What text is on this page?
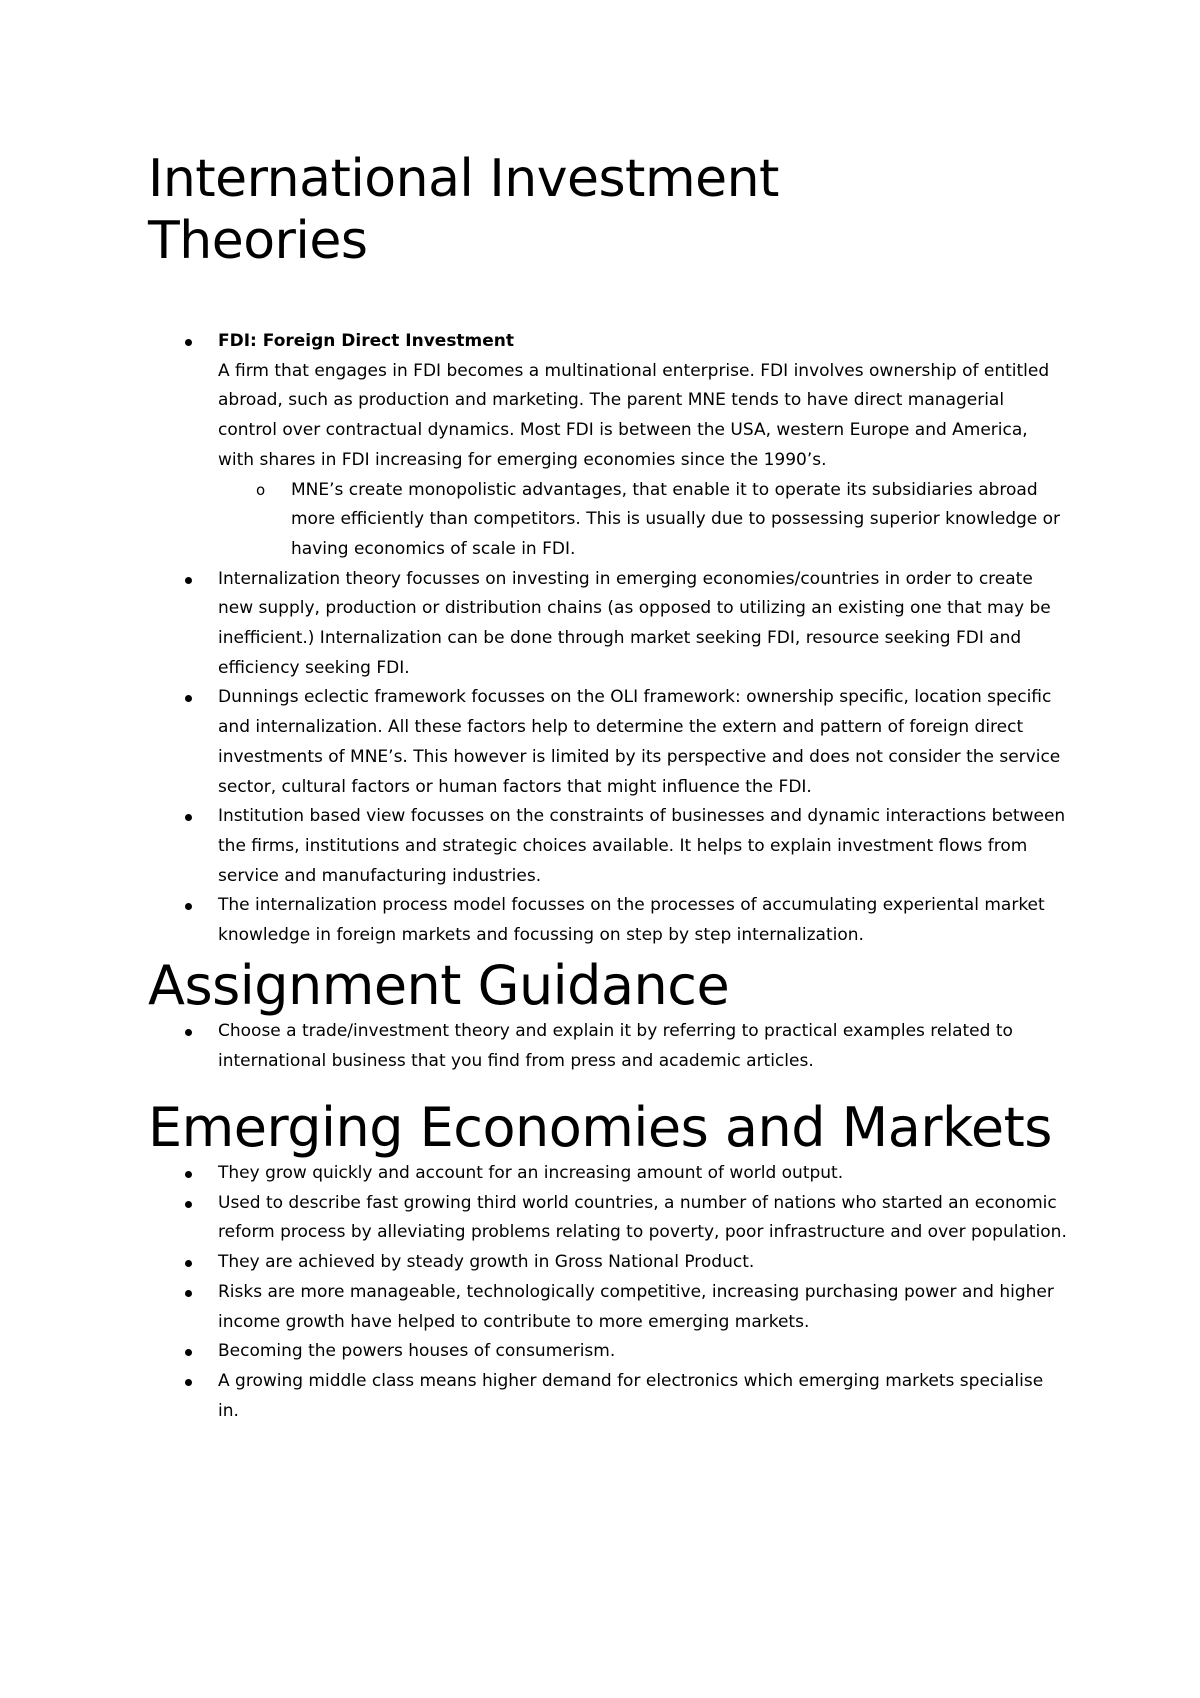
International Investment Theories
FDI: Foreign Direct Investment
A firm that engages in FDI becomes a multinational enterprise. FDI involves ownership of entitled abroad, such as production and marketing. The parent MNE tends to have direct managerial control over contractual dynamics. Most FDI is between the USA, western Europe and America, with shares in FDI increasing for emerging economies since the 1990’s.
o MNE’s create monopolistic advantages, that enable it to operate its subsidiaries abroad more efficiently than competitors. This is usually due to possessing superior knowledge or having economics of scale in FDI.
Internalization theory focusses on investing in emerging economies/countries in order to create new supply, production or distribution chains (as opposed to utilizing an existing one that may be inefficient.) Internalization can be done through market seeking FDI, resource seeking FDI and efficiency seeking FDI.
Dunnings eclectic framework focusses on the OLI framework: ownership specific, location specific and internalization. All these factors help to determine the extern and pattern of foreign direct investments of MNE’s. This however is limited by its perspective and does not consider the service sector, cultural factors or human factors that might influence the FDI.
Institution based view focusses on the constraints of businesses and dynamic interactions between the firms, institutions and strategic choices available. It helps to explain investment flows from service and manufacturing industries.
The internalization process model focusses on the processes of accumulating experiental market knowledge in foreign markets and focussing on step by step internalization.
Assignment Guidance
Choose a trade/investment theory and explain it by referring to practical examples related to international business that you find from press and academic articles.
Emerging Economies and Markets
They grow quickly and account for an increasing amount of world output.
Used to describe fast growing third world countries, a number of nations who started an economic reform process by alleviating problems relating to poverty, poor infrastructure and over population.
They are achieved by steady growth in Gross National Product.
Risks are more manageable, technologically competitive, increasing purchasing power and higher income growth have helped to contribute to more emerging markets.
Becoming the powers houses of consumerism.
A growing middle class means higher demand for electronics which emerging markets specialise in.
